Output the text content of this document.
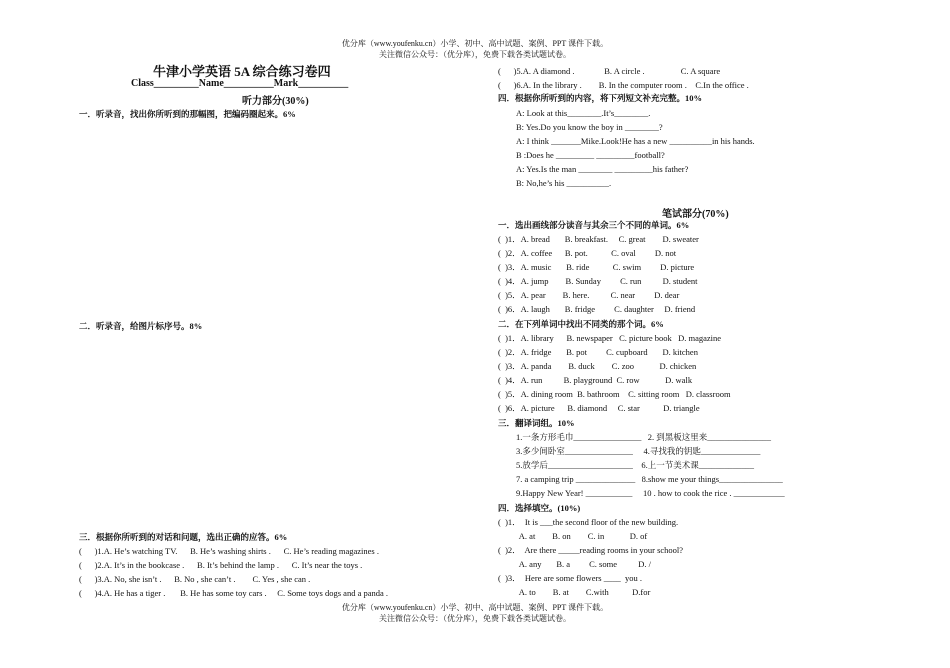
优分库（www.youfenku.cn）小学、初中、高中试题、案例、PPT 课件下载。
关注微信公众号：（优分库），免费下载各类试题试卷。
牛津小学英语 5A 综合练习卷四
Class_________Name__________Mark__________
听力部分(30%)
一．听录音，找出你所听到的那幅图，把编码圈起来。6%
二．听录音，给图片标序号。8%
三．根据你所听到的对话和问题，选出正确的应答。6%
(      )1.A. He’s watching TV.      B. He’s washing shirts .      C. He’s reading magazines .
(      )2.A. It’s in the bookcase .      B. It’s behind the lamp .      C. It’s near the toys .
(      )3.A. No, she isn’t .      B. No , she can’t .        C. Yes , she can .
(      )4.A. He has a tiger .       B. He has some toy cars .     C. Some toys dogs and a panda .
(      )5.A. A diamond .              B. A circle .                 C. A square
(      )6.A. In the library .        B. In the computer room .    C.In the office .
四．根据你所听到的内容，将下列短文补充完整。10%
A: Look at this________.It’s________.
B: Yes.Do you know the boy in ________?
A: I think _______Mike.Look!He has a new __________in his hands.
B :Does he _________ _________football?
A: Yes.Is the man ________ _________his father?
B: No,he’s his __________.
笔试部分(70%)
一．选出画线部分读音与其余三个不同的单词。6%
(  )1．A. bread       B. breakfast.     C. great        D. sweater
(  )2．A. coffee      B. pot.           C. oval         D. not
(  )3．A. music       B. ride           C. swim         D. picture
(  )4．A. jump        B. Sunday         C. run          D. student
(  )5．A. pear        B. here.          C. near         D. dear
(  )6．A. laugh       B. fridge         C. daughter     D. friend
二．在下列单词中找出不同类的那个词。6%
(  )1．A. library      B. newspaper   C. picture book   D. magazine
(  )2．A. fridge       B. pot         C. cupboard       D. kitchen
(  )3．A. panda        B. duck        C. zoo            D. chicken
(  )4．A. run          B. playground  C. row            D. walk
(  )5．A. dining room  B. bathroom    C. sitting room   D. classroom
(  )6．A. picture      B. diamond     C. star           D. triangle
三．翻译词组。10%
1.一条方形毛巾________________   2. 到黑板这里来_______________
3.多少间卧室________________     4.寻找我的钥匙______________
5.放学后____________________    6.上一节美术课_____________
7. a camping trip ______________   8.show me your things_______________
9.Happy New Year! ___________     10 . how to cook the rice . ____________
四．选择填空。(10%)
(  )1．  It is ___the second floor of the new building.
A. at        B. on        C. in            D. of
(  )2．  Are there _____reading rooms in your school?
A. any       B. a         C. some          D. /
(  )3．  Here are some flowers ____  you .
A. to        B. at        C.with           D.for
优分库（www.youfenku.cn）小学、初中、高中试题、案例、PPT 课件下载。
关注微信公众号：（优分库），免费下载各类试题试卷。
